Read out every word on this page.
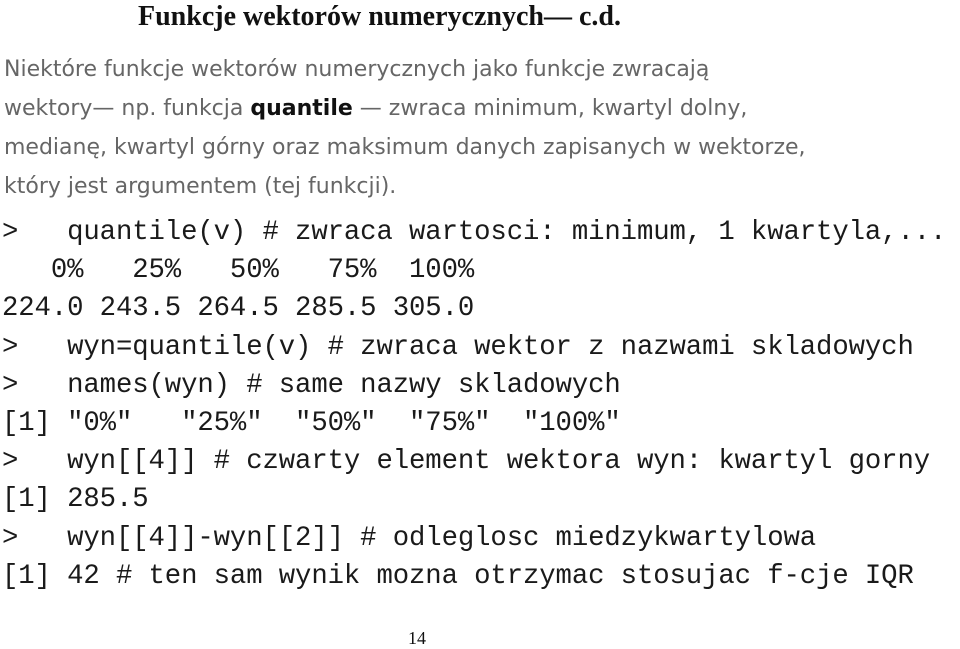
Funkcje wektorów numerycznych— c.d.
Niektóre funkcje wektorów numerycznych jako funkcje zwracają
wektory— np. funkcja quantile — zwraca minimum, kwartyl dolny,
medianę, kwartyl górny oraz maksimum danych zapisanych w wektorze,
który jest argumentem (tej funkcji).
>   quantile(v) # zwraca wartosci: minimum, 1 kwartyla,...
0%   25%   50%   75%  100%
224.0 243.5 264.5 285.5 305.0
>   wyn=quantile(v) # zwraca wektor z nazwami skladowych
>   names(wyn) # same nazwy skladowych
[1] "0%"   "25%"  "50%"  "75%"  "100%"
>   wyn[[4]] # czwarty element wektora wyn: kwartyl gorny
[1] 285.5
>   wyn[[4]]-wyn[[2]] # odleglosc miedzykwartylowa
[1] 42 # ten sam wynik mozna otrzymac stosujac f-cje IQR
14
